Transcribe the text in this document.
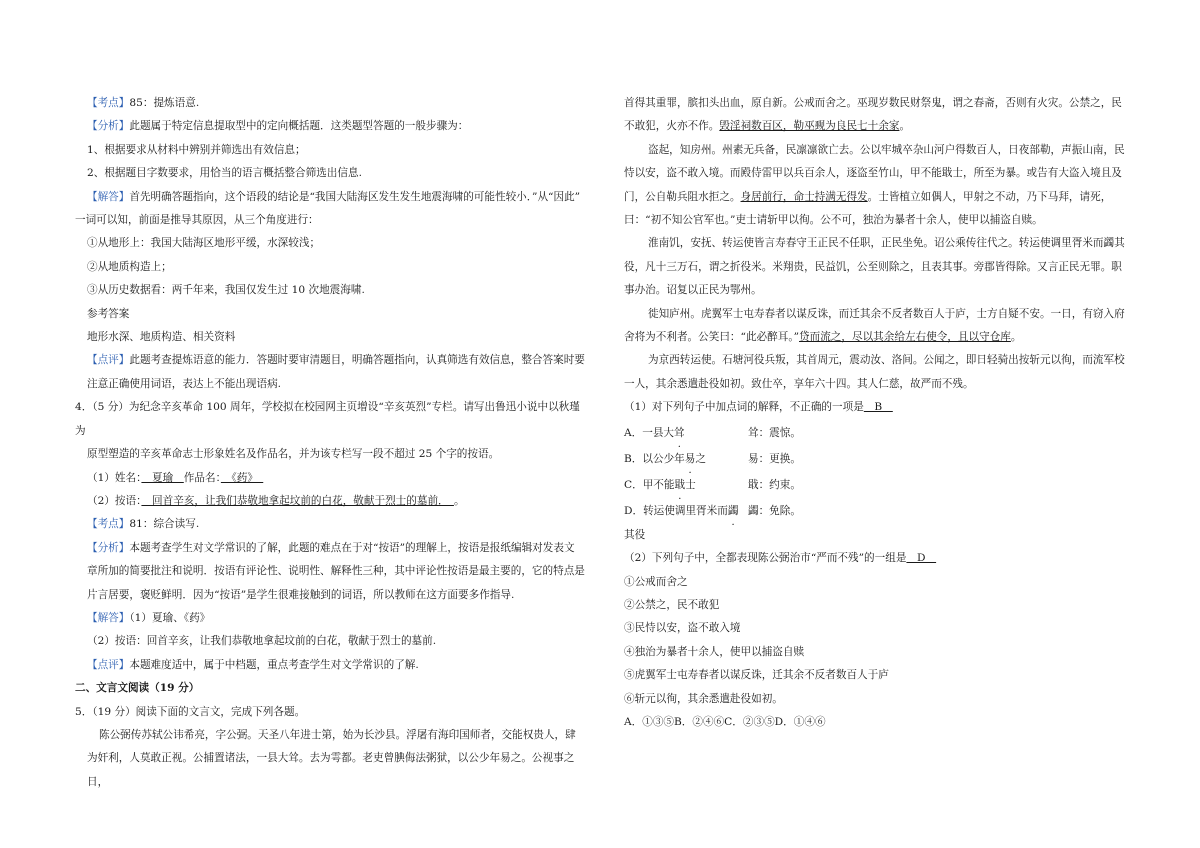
【考点】85：提炼语意.

【分析】此题属于特定信息提取型中的定向概括题．这类题型答题的一般步骤为：

1、根据要求从材料中辨别并筛选出有效信息；

2、根据题目字数要求，用恰当的语言概括整合筛选出信息.

【解答】首先明确答题指向，这个语段的结论是“我国大陆海区发生发生地震海啸的可能性较小．”从“因此”

一词可以知，前面是推导其原因，从三个角度进行：

①从地形上：我国大陆海区地形平缓，水深较浅；

②从地质构造上；

③从历史数据看：两千年来，我国仅发生过 10 次地震海啸.

参考答案

地形水深、地质构造、相关资料

【点评】此题考查提炼语意的能力．答题时要审清题目，明确答题指向，认真筛选有效信息，整合答案时要

注意正确使用词语，表达上不能出现语病.

4．（5 分）为纪念辛亥革命 100 周年，学校拟在校园网主页增设“辛亥英烈”专栏。请写出鲁迅小说中以秋瑾为

原型塑造的辛亥革命志士形象姓名及作品名，并为该专栏写一段不超过 25 个字的按语。

（1）姓名：　夏瑜　作品名：　《药》　

（2）按语：　回首辛亥，让我们恭敬地拿起坟前的白花，敬献于烈士的墓前．　。

【考点】81：综合读写.

【分析】本题考查学生对文学常识的了解，此题的难点在于对“按语”的理解上，按语是报纸编辑对发表文

章所加的简要批注和说明．按语有评论性、说明性、解释性三种，其中评论性按语是最主要的，它的特点是

片言居要，褒贬鲜明．因为“按语”是学生很难接触到的词语，所以教师在这方面要多作指导.

【解答】（1）夏瑜、《药》

（2）按语：回首辛亥，让我们恭敬地拿起坟前的白花，敬献于烈士的墓前.

【点评】本题难度适中，属于中档题，重点考查学生对文学常识的了解.

二、文言文阅读（19 分）

5．（19 分）阅读下面的文言文，完成下列各题。

陈公弼传苏轼公讳希亮，字公弼。天圣八年进士第，始为长沙县。浮屠有海印国师者，交能权贵人，肆

为奸利，人莫敢正视。公捕置诸法，一县大耸。去为雩都。老吏曾腆侮法粥狱，以公少年易之。公视事之日，

首得其重罪，膑扣头出血，原自新。公戒而舍之。巫现岁数民财祭鬼，谓之春斋，否则有火灾。公禁之，民

不敢犯，火亦不作。毁淫祠数百区，勒巫觋为良民七十余家。

盗起，知房州。州素无兵备，民凛凛欲亡去。公以牢城卒杂山河户得数百人，日夜部勒，声振山南，民

恃以安，盗不敢入境。而殿侍雷甲以兵百余人，逐盗至竹山，甲不能戢士，所至为暴。或告有大盗入境且及

门，公自勒兵阻水拒之。身居前行，命士持满无得发。士皆植立如偶人，甲射之不动，乃下马拜，请死，

曰：“初不知公官军也。”吏士请斩甲以徇。公不可，独治为暴者十余人，使甲以捕盗自赎。

淮南饥，安抚、转运使皆言寿春守王正民不任职，正民坐免。诏公乘传往代之。转运使调里胥米而蠲其

役，凡十三万石，谓之折役米。米翔贵，民益饥，公至则除之，且表其事。旁郡皆得除。又言正民无罪。职

事办治。诏复以正民为鄂州。

徙知庐州。虎翼军士屯寿春者以谋反诛，而迁其余不反者数百人于庐，士方自疑不安。一日，有窃入府

舍将为不利者。公笑曰：“此必醉耳。”贷而流之，尽以其余给左右使令，且以守仓库。

为京西转运使。石塘河役兵叛，其首周元，震动汝、洛间。公闻之，即日轻骑出按斩元以徇，而流军校

一人，其余悉遣赴役如初。致仕卒，享年六十四。其人仁慈，故严而不残。

（1）对下列句子中加点词的解释，不正确的一项是　B　

A．一县大耸	耸：震惊。
B．以公少年易之	易：更换。
C．甲不能戢士	戢：约束。
D．转运使调里胥米而蠲 蠲：免除。

其役

（2）下列句子中，全都表现陈公弼治市“严而不残”的一组是　D　

①公戒而舍之

②公禁之，民不敢犯

③民恃以安，盗不敢入境

④独治为暴者十余人，使甲以捕盗自赎

⑤虎翼军士屯寿春者以谋反诛，迁其余不反者数百人于庐

⑥斩元以徇，其余悉遣赴役如初。

A．①③⑤B．②④⑥C．②③⑤D．①④⑥
